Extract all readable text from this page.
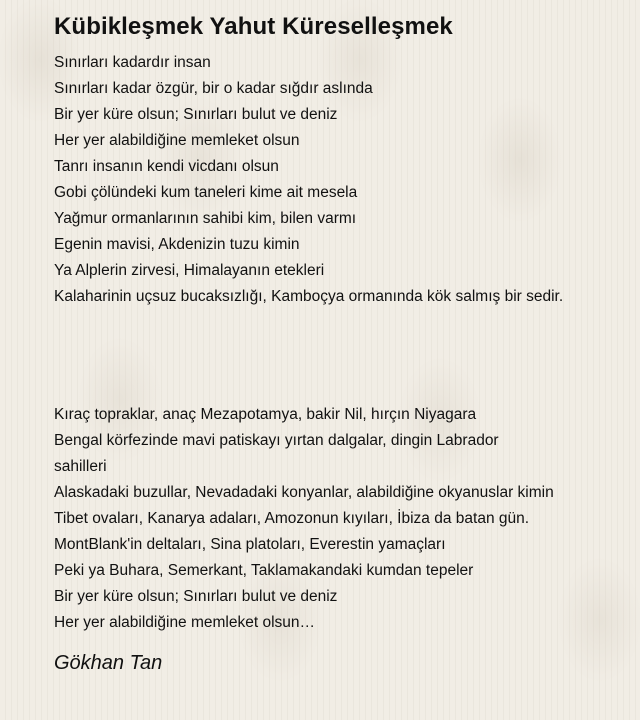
Kübikleşmek Yahut Küreselleşmek
Sınırları kadardır insan
Sınırları kadar özgür, bir o kadar sığdır aslında
Bir yer küre olsun; Sınırları bulut ve deniz
Her yer alabildiğine memleket olsun
Tanrı insanın kendi vicdanı olsun
Gobi çölündeki kum taneleri kime ait mesela
Yağmur ormanlarının sahibi kim, bilen varmı
Egenin mavisi, Akdenizin tuzu kimin
Ya Alplerin zirvesi, Himalayanın etekleri
Kalaharinin uçsuz bucaksızlığı, Kamboçya ormanında kök salmış bir sedir.
Kıraç topraklar, anaç Mezapotamya, bakir Nil, hırçın Niyagara
Bengal körfezinde mavi patiskayı yırtan dalgalar, dingin Labrador
sahilleri
Alaskadaki buzullar, Nevadadaki konyanlar, alabildiğine okyanuslar kimin
Tibet ovaları, Kanarya adaları, Amozonun kıyıları, İbiza da batan gün.
MontBlank'in deltaları, Sina platoları, Everestin yamaçları
Peki ya Buhara, Semerkant, Taklamakandaki kumdan tepeler
Bir yer küre olsun; Sınırları bulut ve deniz
Her yer alabildiğine memleket olsun…
Gökhan Tan
